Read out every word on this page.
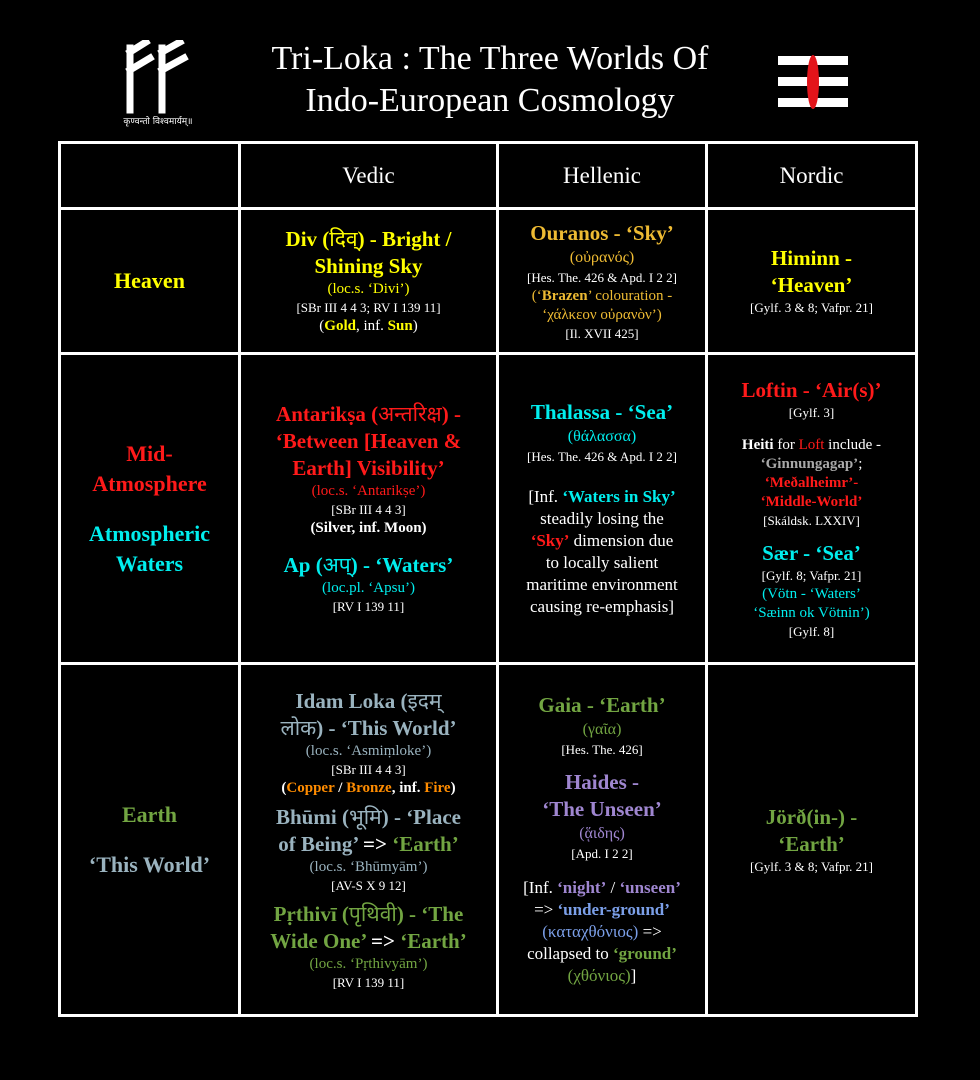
कृण्वन्तो विश्वमार्यम्॥
Tri-Loka : The Three Worlds Of
Indo-European Cosmology
Vedic	Hellenic	Nordic
Heaven
Div (दिव्) - Bright /
Shining Sky
(loc.s. ‘Divi’)
[SBr III 4 4 3; RV I 139 11]
(Gold, inf. Sun)
Ouranos - ‘Sky’
(οὐρανός)
[Hes. The. 426 & Apd. I 2 2]
(‘Brazen’ colouration -
‘χάλκεον οὐρανὸν’)
[Il. XVII 425]
Himinn -
‘Heaven’
[Gylf. 3 & 8; Vafpr. 21]
Mid-
Atmosphere
Atmospheric
Waters
Antarikṣa (अन्तरिक्ष) -
‘Between [Heaven &
Earth] Visibility’
(loc.s. ‘Antarikṣe’)
[SBr III 4 4 3]
(Silver, inf. Moon)
Ap (अप्) - ‘Waters’
(loc.pl. ‘Apsu’)
[RV I 139 11]
Thalassa - ‘Sea’
(θάλασσα)
[Hes. The. 426 & Apd. I 2 2]
[Inf. ‘Waters in Sky’
steadily losing the
‘Sky’ dimension due
to locally salient
maritime environment
causing re-emphasis]
Loftin - ‘Air(s)’
[Gylf. 3]
Heiti for Loft include -
‘Ginnungagap’;
‘Meðalheimr’-
‘Middle-World’
[Skáldsk. LXXIV]
Sær - ‘Sea’
[Gylf. 8; Vafpr. 21]
(Vötn - ‘Waters’
‘Sæinn ok Vötnin’)
[Gylf. 8]
Earth
‘This World’
Idam Loka (इदम्
लोक) - ‘This World’
(loc.s. ‘Asmiṃloke’)
[SBr III 4 4 3]
(Copper / Bronze, inf. Fire)
Bhūmi (भूमि) - ‘Place
of Being’ => ‘Earth’
(loc.s. ‘Bhūmyām’)
[AV-S X 9 12]
Pṛthivī (पृथिवी) - ‘The
Wide One’ => ‘Earth’
(loc.s. ‘Pṛthivyām’)
[RV I 139 11]
Gaia - ‘Earth’
(γαῖα)
[Hes. The. 426]
Haides -
‘The Unseen’
(ᾅιδης)
[Apd. I 2 2]
[Inf. ‘night’ / ‘unseen’
=> ‘under-ground’
(καταχθόνιος) =>
collapsed to ‘ground’
(χθόνιος)]
Jörð(in-) -
‘Earth’
[Gylf. 3 & 8; Vafpr. 21]
